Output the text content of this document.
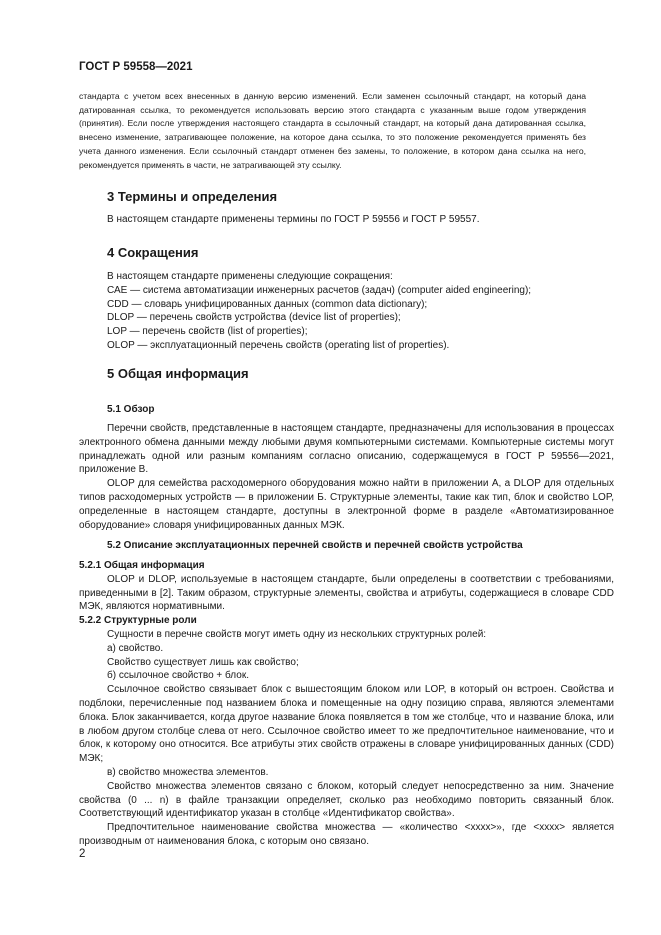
ГОСТ Р 59558—2021
стандарта с учетом всех внесенных в данную версию изменений. Если заменен ссылочный стандарт, на который дана датированная ссылка, то рекомендуется использовать версию этого стандарта с указанным выше годом утверждения (принятия). Если после утверждения настоящего стандарта в ссылочный стандарт, на который дана датированная ссылка, внесено изменение, затрагивающее положение, на которое дана ссылка, то это положение рекомендуется применять без учета данного изменения. Если ссылочный стандарт отменен без замены, то положение, в котором дана ссылка на него, рекомендуется применять в части, не затрагивающей эту ссылку.
3 Термины и определения
В настоящем стандарте применены термины по ГОСТ Р 59556 и ГОСТ Р 59557.
4 Сокращения
В настоящем стандарте применены следующие сокращения:
САЕ — система автоматизации инженерных расчетов (задач) (computer aided engineering);
CDD — словарь унифицированных данных (common data dictionary);
DLOP — перечень свойств устройства (device list of properties);
LOP — перечень свойств (list of properties);
OLOP — эксплуатационный перечень свойств (operating list of properties).
5 Общая информация
5.1 Обзор

Перечни свойств, представленные в настоящем стандарте, предназначены для использования в процессах электронного обмена данными между любыми двумя компьютерными системами. Компьютерные системы могут принадлежать одной или разным компаниям согласно описанию, содержащемуся в ГОСТ Р 59556—2021, приложение В.

OLOP для семейства расходомерного оборудования можно найти в приложении А, а DLOP для отдельных типов расходомерных устройств — в приложении Б. Структурные элементы, такие как тип, блок и свойство LOP, определенные в настоящем стандарте, доступны в электронной форме в разделе «Автоматизированное оборудование» словаря унифицированных данных МЭК.

5.2 Описание эксплуатационных перечней свойств и перечней свойств устройства

5.2.1 Общая информация

OLOP и DLOP, используемые в настоящем стандарте, были определены в соответствии с требованиями, приведенными в [2]. Таким образом, структурные элементы, свойства и атрибуты, содержащиеся в словаре CDD МЭК, являются нормативными.

5.2.2 Структурные роли

Сущности в перечне свойств могут иметь одну из нескольких структурных ролей:

а) свойство.

Свойство существует лишь как свойство;

б) ссылочное свойство + блок.

Ссылочное свойство связывает блок с вышестоящим блоком или LOP, в который он встроен. Свойства и подблоки, перечисленные под названием блока и помещенные на одну позицию справа, являются элементами блока. Блок заканчивается, когда другое название блока появляется в том же столбце, что и название блока, или в любом другом столбце слева от него. Ссылочное свойство имеет то же предпочтительное наименование, что и блок, к которому оно относится. Все атрибуты этих свойств отражены в словаре унифицированных данных (CDD) МЭК;

в) свойство множества элементов.

Свойство множества элементов связано с блоком, который следует непосредственно за ним. Значение свойства (0 ... n) в файле транзакции определяет, сколько раз необходимо повторить связанный блок. Соответствующий идентификатор указан в столбце «Идентификатор свойства».

Предпочтительное наименование свойства множества — «количество <хххх>», где <хххх> является производным от наименования блока, с которым оно связано.

2
